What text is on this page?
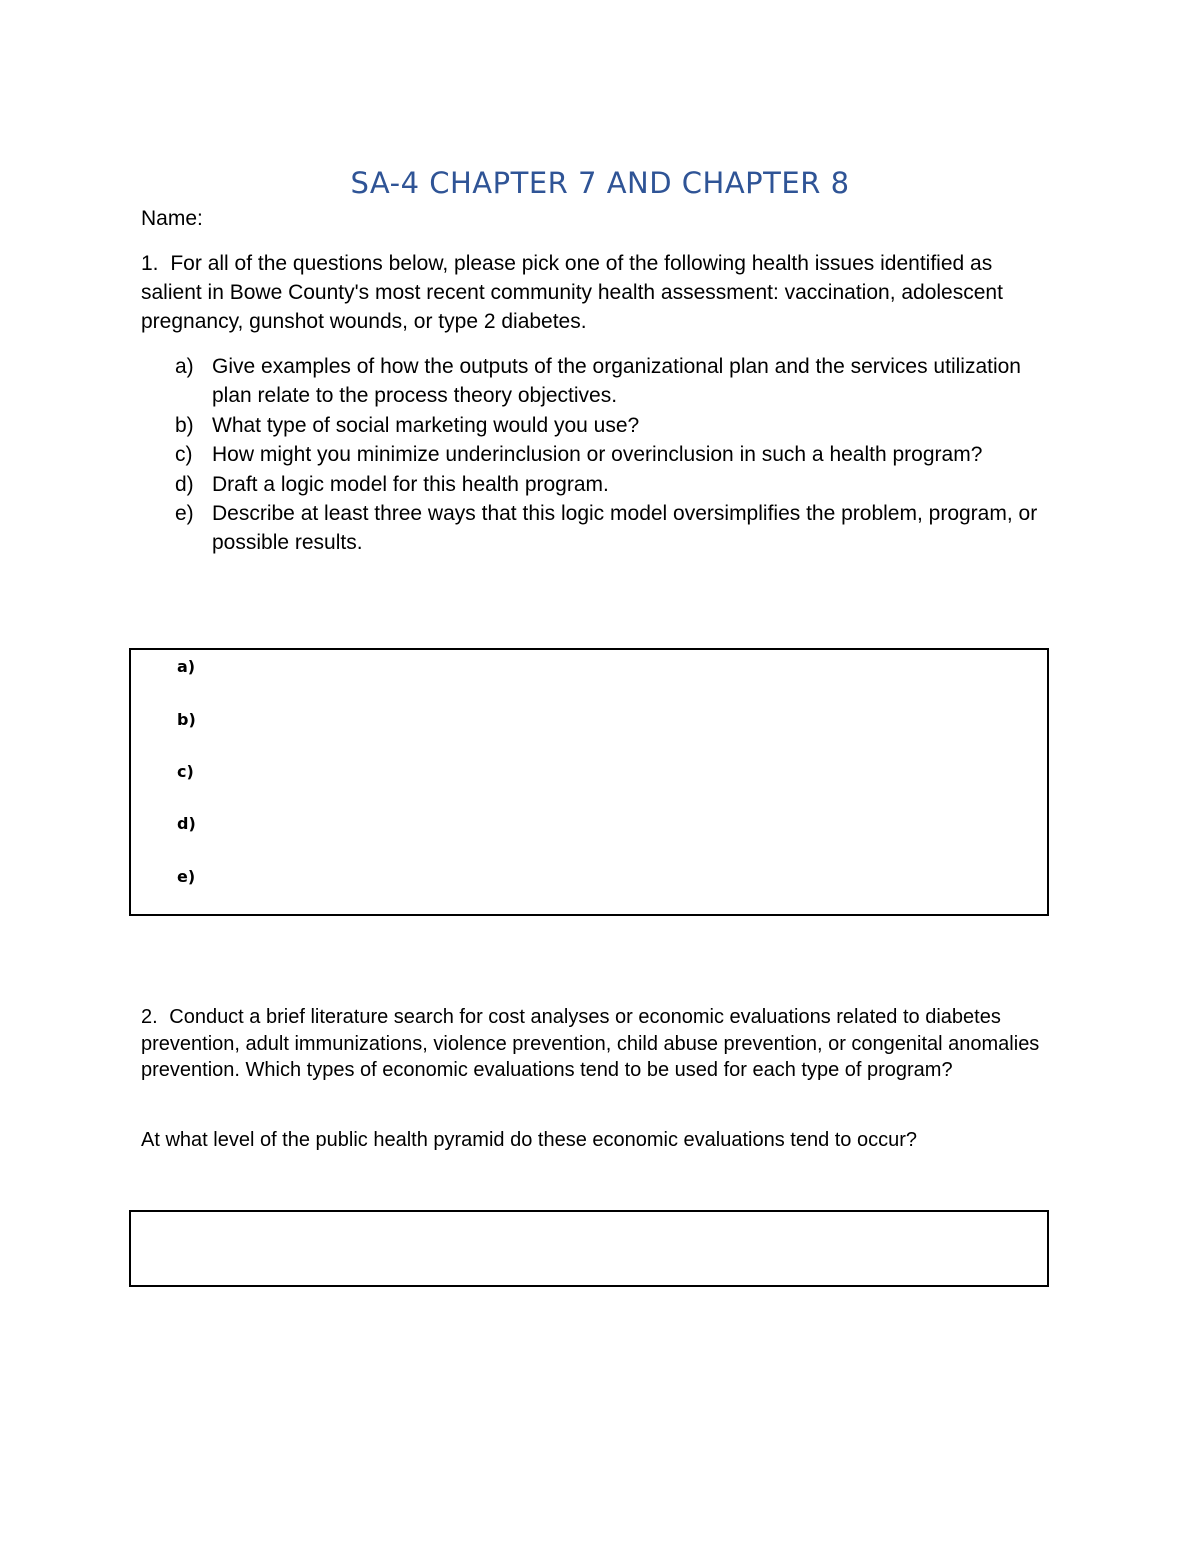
SA-4 CHAPTER 7 AND CHAPTER 8
Name:
1. For all of the questions below, please pick one of the following health issues identified as salient in Bowe County's most recent community health assessment: vaccination, adolescent pregnancy, gunshot wounds, or type 2 diabetes.
a) Give examples of how the outputs of the organizational plan and the services utilization plan relate to the process theory objectives.
b) What type of social marketing would you use?
c) How might you minimize underinclusion or overinclusion in such a health program?
d) Draft a logic model for this health program.
e) Describe at least three ways that this logic model oversimplifies the problem, program, or possible results.
a)
b)
c)
d)
e)
2. Conduct a brief literature search for cost analyses or economic evaluations related to diabetes prevention, adult immunizations, violence prevention, child abuse prevention, or congenital anomalies prevention. Which types of economic evaluations tend to be used for each type of program?
At what level of the public health pyramid do these economic evaluations tend to occur?
